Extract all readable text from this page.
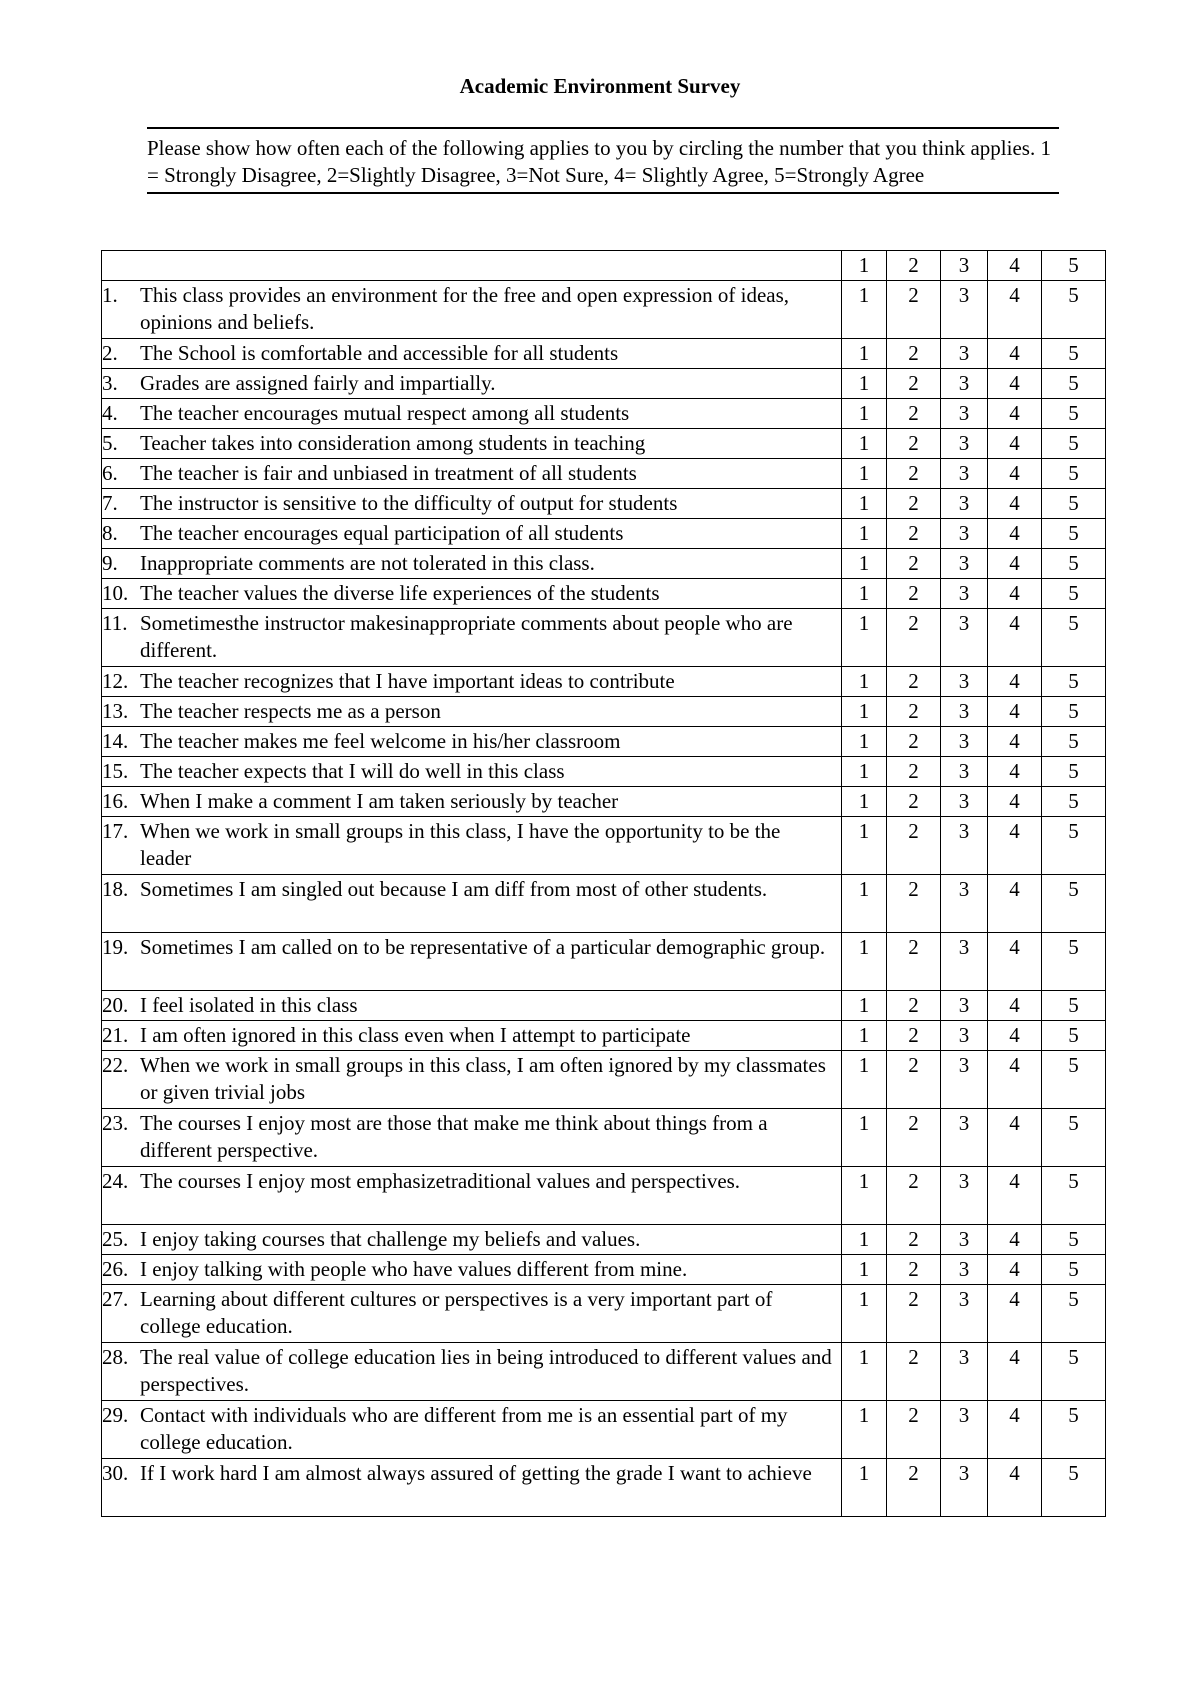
Academic Environment Survey
Please show how often each of the following applies to you by circling the number that you think applies. 1 = Strongly Disagree, 2=Slightly Disagree, 3=Not Sure, 4= Slightly Agree, 5=Strongly Agree
	1	2	3	4	5

1. This class provides an environment for the free and open expression of ideas, opinions and beliefs.	1	2	3	4	5

2. The School is comfortable and accessible for all students	1	2	3	4	5

3. Grades are assigned fairly and impartially.	1	2	3	4	5

4. The teacher encourages mutual respect among all students	1	2	3	4	5

5. Teacher takes into consideration among students in teaching	1	2	3	4	5

6. The teacher is fair and unbiased in treatment of all students	1	2	3	4	5

7. The instructor is sensitive to the difficulty of output for students	1	2	3	4	5

8. The teacher encourages equal participation of all students	1	2	3	4	5

9. Inappropriate comments are not tolerated in this class.	1	2	3	4	5

10. The teacher values the diverse life experiences of the students	1	2	3	4	5

11. Sometimesthe instructor makesinappropriate comments about people who are different.	1	2	3	4	5

12. The teacher recognizes that I have important ideas to contribute	1	2	3	4	5

13. The teacher respects me as a person	1	2	3	4	5

14. The teacher makes me feel welcome in his/her classroom	1	2	3	4	5

15. The teacher expects that I will do well in this class	1	2	3	4	5

16. When I make a comment I am taken seriously by teacher	1	2	3	4	5

17. When we work in small groups in this class, I have the opportunity to be the leader	1	2	3	4	5

18. Sometimes I am singled out because I am diff from most of other students.	1	2	3	4	5

19. Sometimes I am called on to be representative of a particular demographic group.	1	2	3	4	5

20. I feel isolated in this class	1	2	3	4	5

21. I am often ignored in this class even when I attempt to participate	1	2	3	4	5

22. When we work in small groups in this class, I am often ignored by my classmates or given trivial jobs	1	2	3	4	5

23. The courses I enjoy most are those that make me think about things from a different perspective.	1	2	3	4	5

24. The courses I enjoy most emphasizetraditional values and perspectives.	1	2	3	4	5

25. I enjoy taking courses that challenge my beliefs and values.	1	2	3	4	5

26. I enjoy talking with people who have values different from mine.	1	2	3	4	5

27. Learning about different cultures or perspectives is a very important part of college education.	1	2	3	4	5

28. The real value of college education lies in being introduced to different values and perspectives.	1	2	3	4	5

29. Contact with individuals who are different from me is an essential part of my college education.	1	2	3	4	5

30. If I work hard I am almost always assured of getting the grade I want to achieve	1	2	3	4	5
